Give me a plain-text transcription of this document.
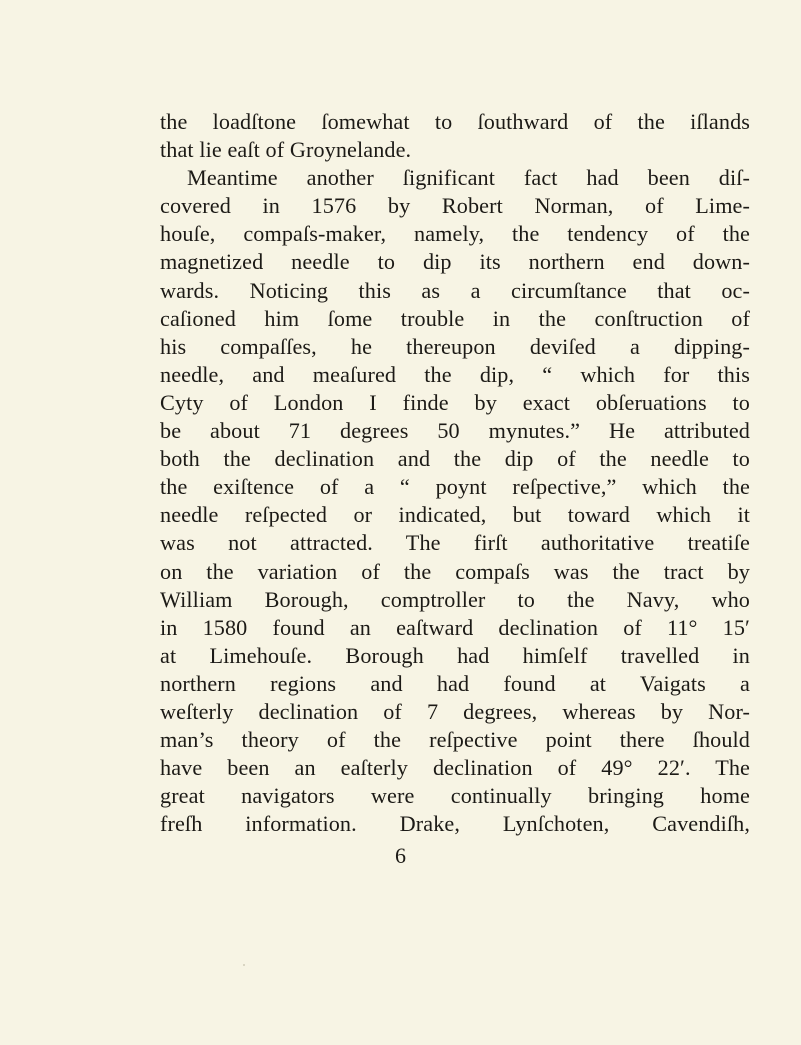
the loadſtone ſomewhat to ſouthward of the iſlands
that lie eaſt of Groynelande.
Meantime another ſignificant fact had been diſ-
covered in 1576 by Robert Norman, of Lime-
houſe, compaſs-maker, namely, the tendency of the
magnetized needle to dip its northern end down-
wards. Noticing this as a circumſtance that oc-
caſioned him ſome trouble in the conſtruction of
his compaſſes, he thereupon deviſed a dipping-
needle, and meaſured the dip, “ which for this
Cyty of London I finde by exact obſeruations to
be about 71 degrees 50 mynutes.” He attributed
both the declination and the dip of the needle to
the exiſtence of a “ poynt reſpective,” which the
needle reſpected or indicated, but toward which it
was not attracted. The firſt authoritative treatiſe
on the variation of the compaſs was the tract by
William Borough, comptroller to the Navy, who
in 1580 found an eaſtward declination of 11° 15′
at Limehouſe. Borough had himſelf travelled in
northern regions and had found at Vaigats a
weſterly declination of 7 degrees, whereas by Nor-
man’s theory of the reſpective point there ſhould
have been an eaſterly declination of 49° 22′. The
great navigators were continually bringing home
freſh information. Drake, Lynſchoten, Cavendiſh,
6
